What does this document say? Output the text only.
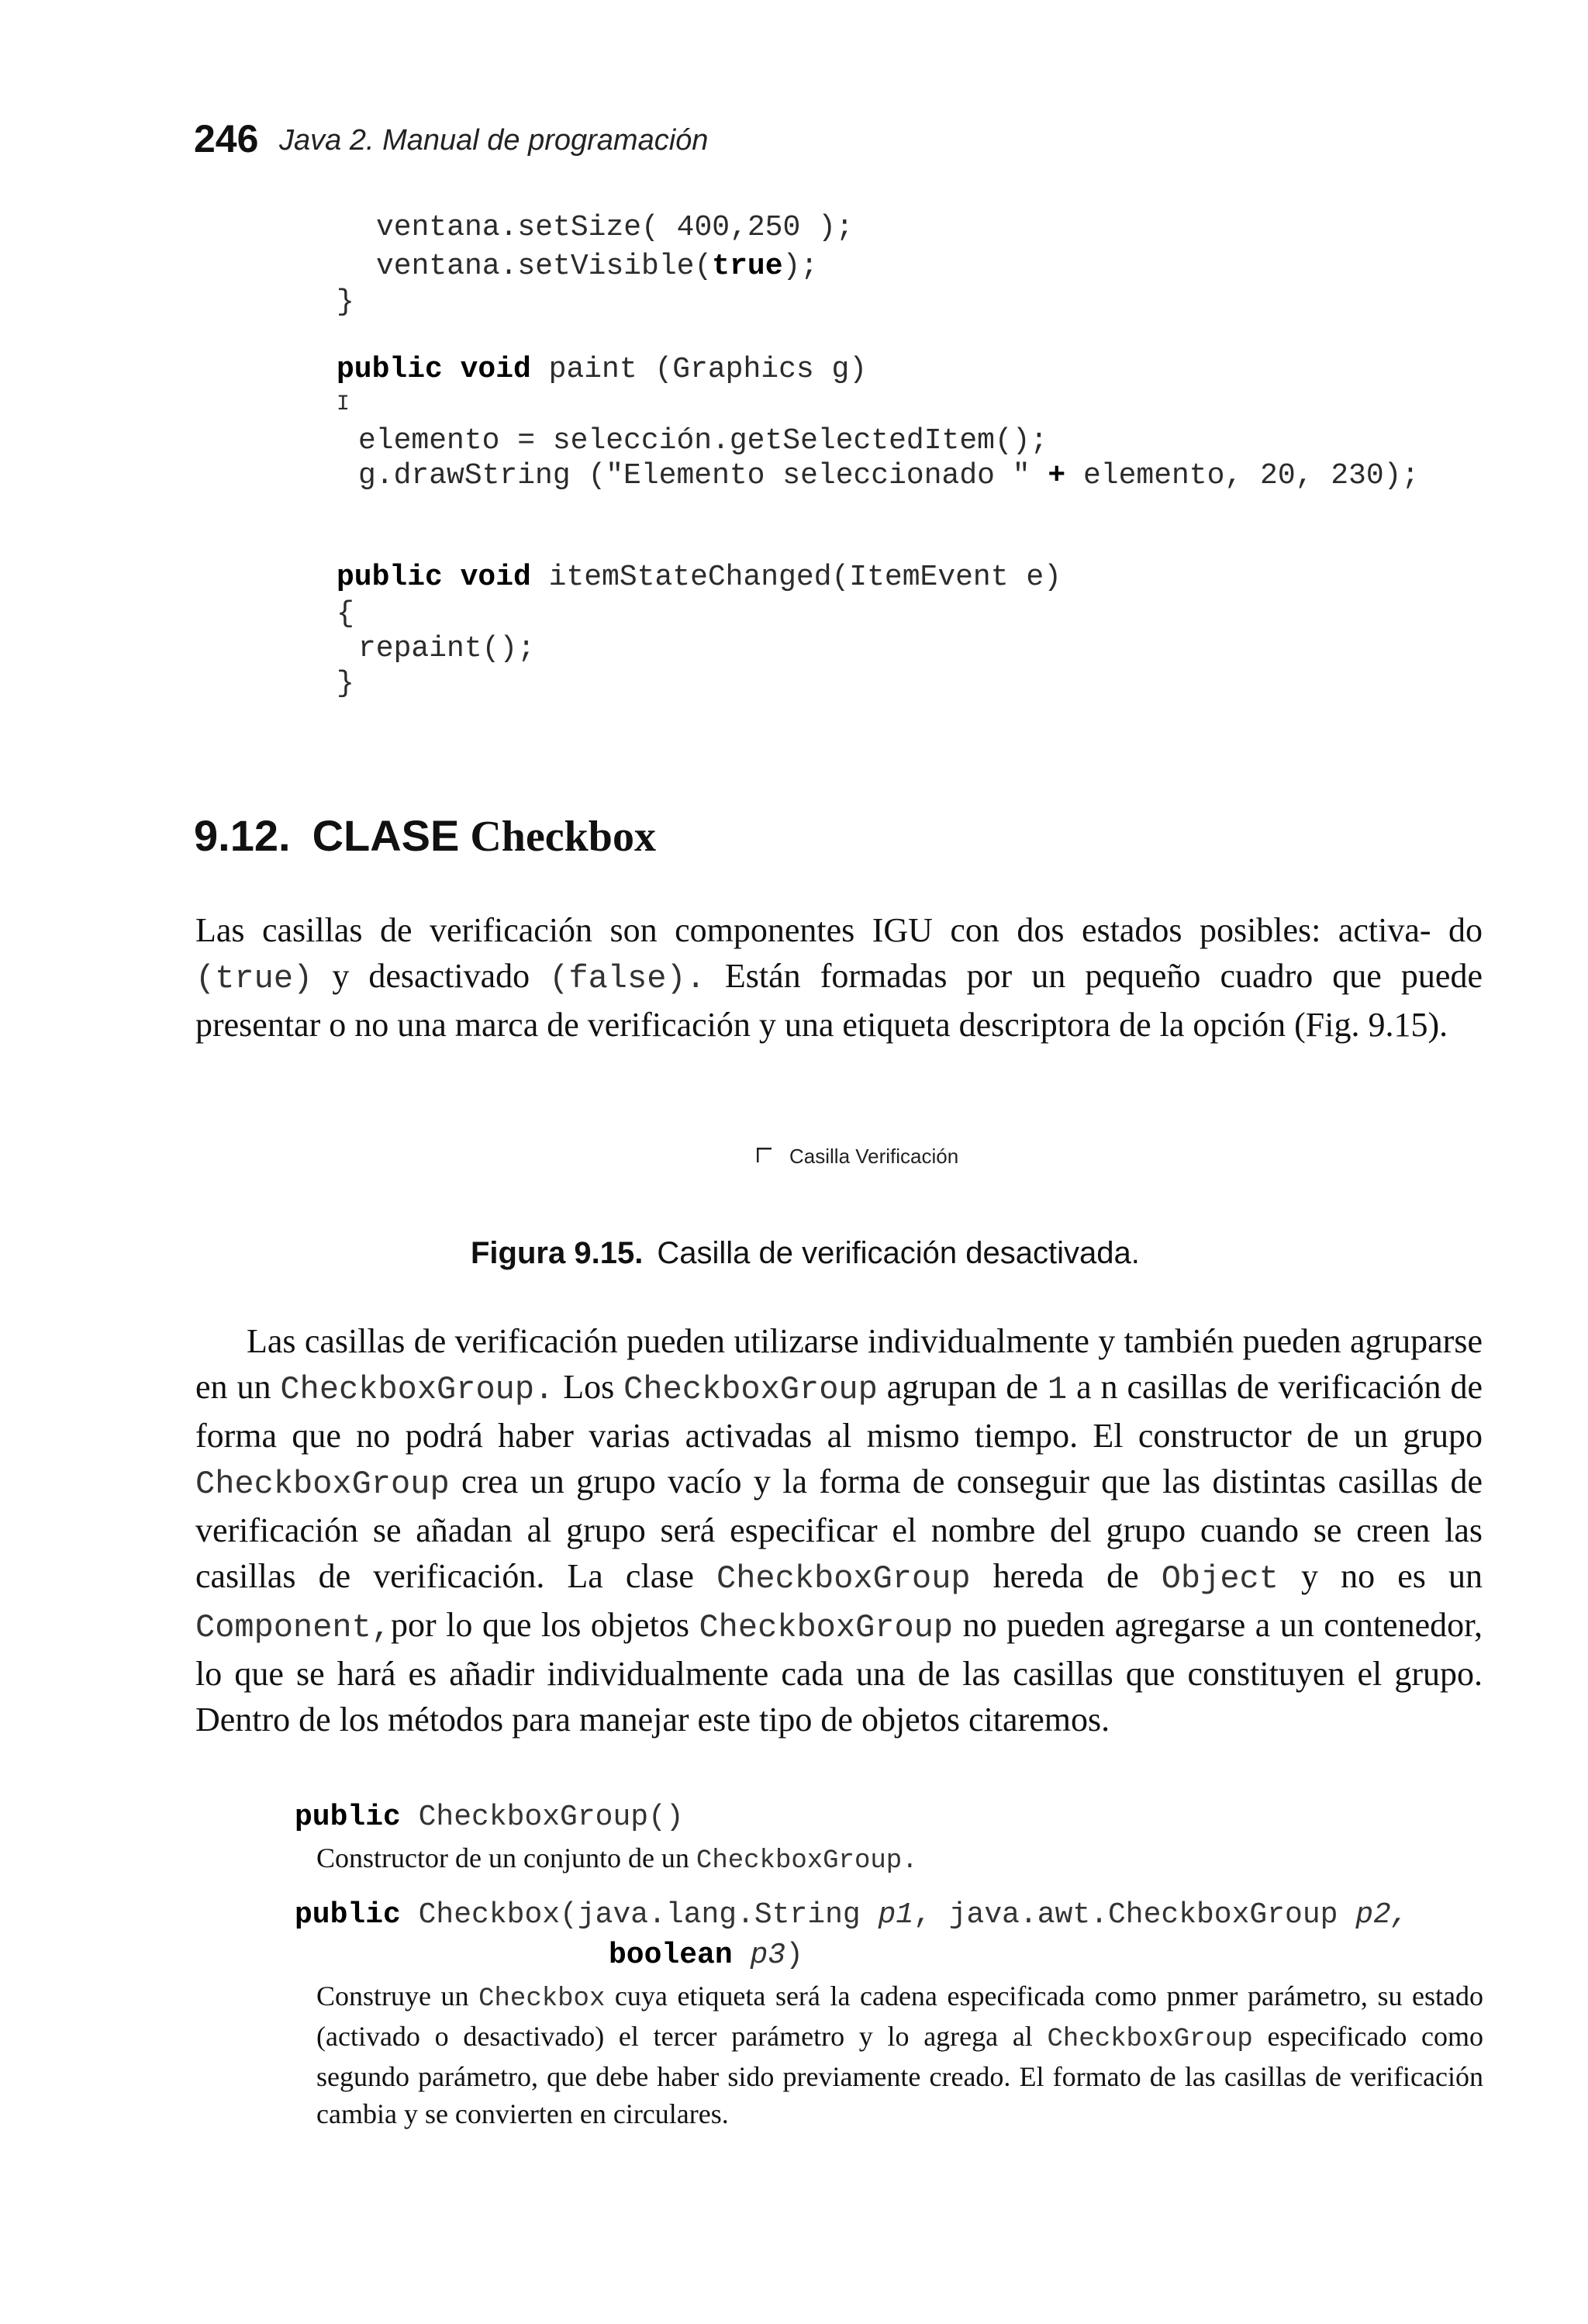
246 Java 2. Manual de programación
ventana.setSize( 400,250 );
ventana.setVisible(true);
}
public void paint (Graphics g)
I
elemento = selección.getSelectedItem();
g.drawString ("Elemento seleccionado " + elemento, 20, 230);
public void itemStateChanged(ItemEvent e)
{
repaint();
}
9.12. CLASE Checkbox
Las casillas de verificación son componentes IGU con dos estados posibles: activa- do (true) y desactivado (false). Están formadas por un pequeño cuadro que puede presentar o no una marca de verificación y una etiqueta descriptora de la opción (Fig. 9.15).
Casilla Verificación
Figura 9.15. Casilla de verificación desactivada.
Las casillas de verificación pueden utilizarse individualmente y también pueden agruparse en un CheckboxGroup. Los CheckboxGroup agrupan de 1 a n casillas de verificación de forma que no podrá haber varias activadas al mismo tiempo. El constructor de un grupo CheckboxGroup crea un grupo vacío y la forma de conseguir que las distintas casillas de verificación se añadan al grupo será especificar el nombre del grupo cuando se creen las casillas de verificación. La clase CheckboxGroup hereda de Object y no es un Component,por lo que los objetos CheckboxGroup no pueden agregarse a un contenedor, lo que se hará es añadir individualmente cada una de las casillas que constituyen el grupo. Dentro de los métodos para manejar este tipo de objetos citaremos.
public CheckboxGroup()
Constructor de un conjunto de un CheckboxGroup.
public Checkbox(java.lang.String p1, java.awt.CheckboxGroup p2,
boolean p3)
Construye un Checkbox cuya etiqueta será la cadena especificada como pnmer parámetro, su estado (activado o desactivado) el tercer parámetro y lo agrega al CheckboxGroup especificado como segundo parámetro, que debe haber sido previamente creado. El formato de las casillas de verificación cambia y se convierten en circulares.
